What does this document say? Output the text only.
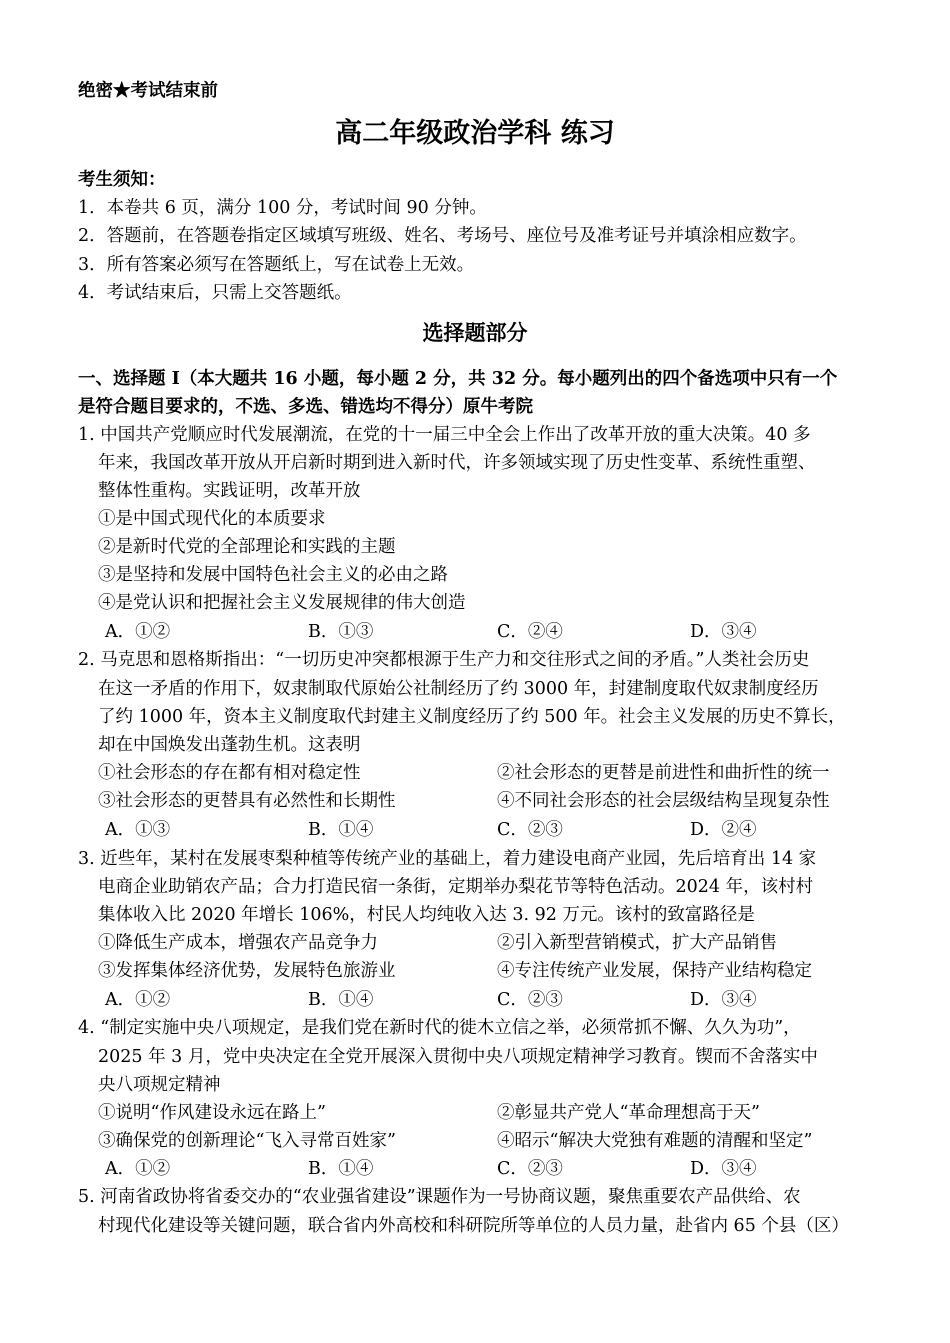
绝密★考试结束前
高二年级政治学科 练习
考生须知：
1．本卷共 6 页，满分 100 分，考试时间 90 分钟。
2．答题前，在答题卷指定区域填写班级、姓名、考场号、座位号及准考证号并填涂相应数字。
3．所有答案必须写在答题纸上，写在试卷上无效。
4．考试结束后，只需上交答题纸。
选择题部分
一、选择题 I（本大题共 16 小题，每小题 2 分，共 32 分。每小题列出的四个备选项中只有一个
是符合题目要求的，不选、多选、错选均不得分）原牛考院
1. 中国共产党顺应时代发展潮流，在党的十一届三中全会上作出了改革开放的重大决策。40 多
年来，我国改革开放从开启新时期到进入新时代，许多领域实现了历史性变革、系统性重塑、
整体性重构。实践证明，改革开放
①是中国式现代化的本质要求
②是新时代党的全部理论和实践的主题
③是坚持和发展中国特色社会主义的必由之路
④是党认识和把握社会主义发展规律的伟大创造
A．①②	B．①③	C．②④	D．③④
2. 马克思和恩格斯指出：“一切历史冲突都根源于生产力和交往形式之间的矛盾。”人类社会历史
在这一矛盾的作用下，奴隶制取代原始公社制经历了约 3000 年，封建制度取代奴隶制度经历
了约 1000 年，资本主义制度取代封建主义制度经历了约 500 年。社会主义发展的历史不算长，
却在中国焕发出蓬勃生机。这表明
①社会形态的存在都有相对稳定性	②社会形态的更替是前进性和曲折性的统一
③社会形态的更替具有必然性和长期性	④不同社会形态的社会层级结构呈现复杂性
A．①③	B．①④	C．②③	D．②④
3. 近些年，某村在发展枣梨种植等传统产业的基础上，着力建设电商产业园，先后培育出 14 家
电商企业助销农产品；合力打造民宿一条街，定期举办梨花节等特色活动。2024 年，该村村
集体收入比 2020 年增长 106%，村民人均纯收入达 3. 92 万元。该村的致富路径是
①降低生产成本，增强农产品竞争力	②引入新型营销模式，扩大产品销售
③发挥集体经济优势，发展特色旅游业	④专注传统产业发展，保持产业结构稳定
A．①②	B．①④	C．②③	D．③④
4. “制定实施中央八项规定，是我们党在新时代的徙木立信之举，必须常抓不懈、久久为功”，
2025 年 3 月，党中央决定在全党开展深入贯彻中央八项规定精神学习教育。锲而不舍落实中
央八项规定精神
①说明“作风建设永远在路上”	②彰显共产党人“革命理想高于天”
③确保党的创新理论“飞入寻常百姓家”	④昭示“解决大党独有难题的清醒和坚定”
A．①②	B．①④	C．②③	D．③④
5. 河南省政协将省委交办的“农业强省建设”课题作为一号协商议题，聚焦重要农产品供给、农
村现代化建设等关键问题，联合省内外高校和科研院所等单位的人员力量，赴省内 65 个县（区）
